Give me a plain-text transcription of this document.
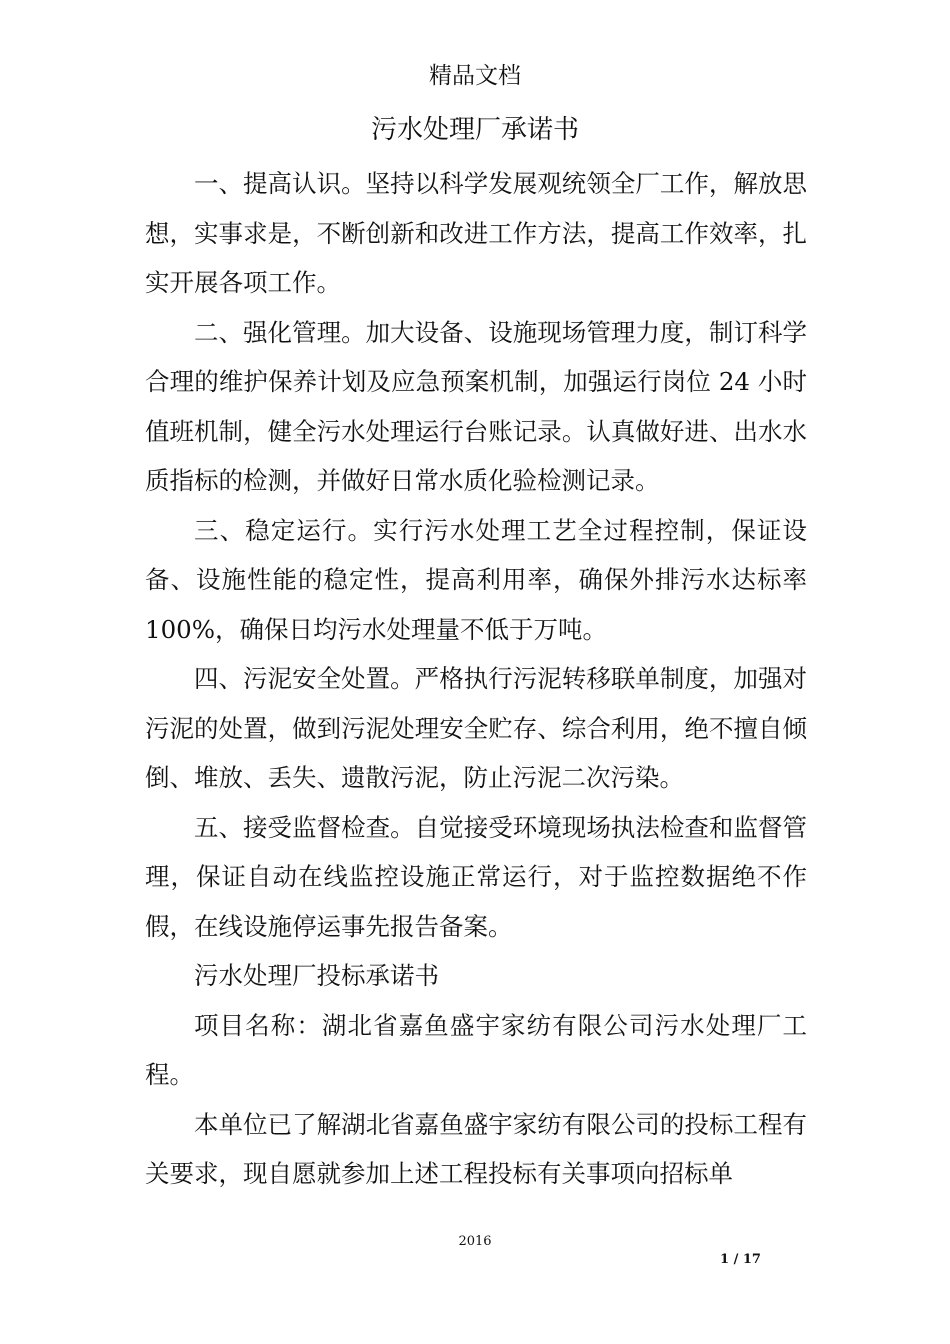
精品文档
污水处理厂承诺书

一、提高认识。坚持以科学发展观统领全厂工作，解放思想，实事求是，不断创新和改进工作方法，提高工作效率，扎实开展各项工作。

二、强化管理。加大设备、设施现场管理力度，制订科学合理的维护保养计划及应急预案机制，加强运行岗位 24 小时值班机制，健全污水处理运行台账记录。认真做好进、出水水质指标的检测，并做好日常水质化验检测记录。

三、稳定运行。实行污水处理工艺全过程控制，保证设备、设施性能的稳定性，提高利用率，确保外排污水达标率 100%，确保日均污水处理量不低于万吨。

四、污泥安全处置。严格执行污泥转移联单制度，加强对污泥的处置，做到污泥处理安全贮存、综合利用，绝不擅自倾倒、堆放、丢失、遗散污泥，防止污泥二次污染。

五、接受监督检查。自觉接受环境现场执法检查和监督管理，保证自动在线监控设施正常运行，对于监控数据绝不作假，在线设施停运事先报告备案。

污水处理厂投标承诺书

项目名称：湖北省嘉鱼盛宇家纺有限公司污水处理厂工程。

本单位已了解湖北省嘉鱼盛宇家纺有限公司的投标工程有关要求，现自愿就参加上述工程投标有关事项向招标单

2016
1 / 17
